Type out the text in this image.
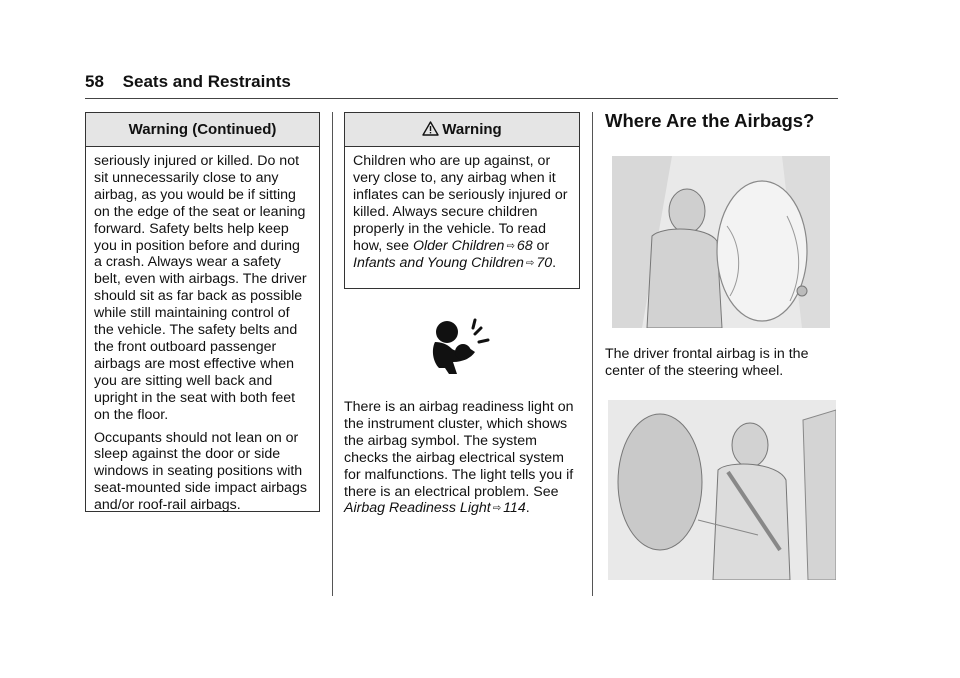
58 Seats and Restraints
Warning (Continued)

seriously injured or killed. Do not sit unnecessarily close to any airbag, as you would be if sitting on the edge of the seat or leaning forward. Safety belts help keep you in position before and during a crash. Always wear a safety belt, even with airbags. The driver should sit as far back as possible while still maintaining control of the vehicle. The safety belts and the front outboard passenger airbags are most effective when you are sitting well back and upright in the seat with both feet on the floor.

Occupants should not lean on or sleep against the door or side windows in seating positions with seat-mounted side impact airbags and/or roof-rail airbags.

Warning
Children who are up against, or very close to, any airbag when it inflates can be seriously injured or killed. Always secure children properly in the vehicle. To read how, see Older Children ⇨ 68 or Infants and Young Children ⇨ 70.
There is an airbag readiness light on the instrument cluster, which shows the airbag symbol. The system checks the airbag electrical system for malfunctions. The light tells you if there is an electrical problem. See Airbag Readiness Light ⇨ 114.
Where Are the Airbags?
The driver frontal airbag is in the center of the steering wheel.
